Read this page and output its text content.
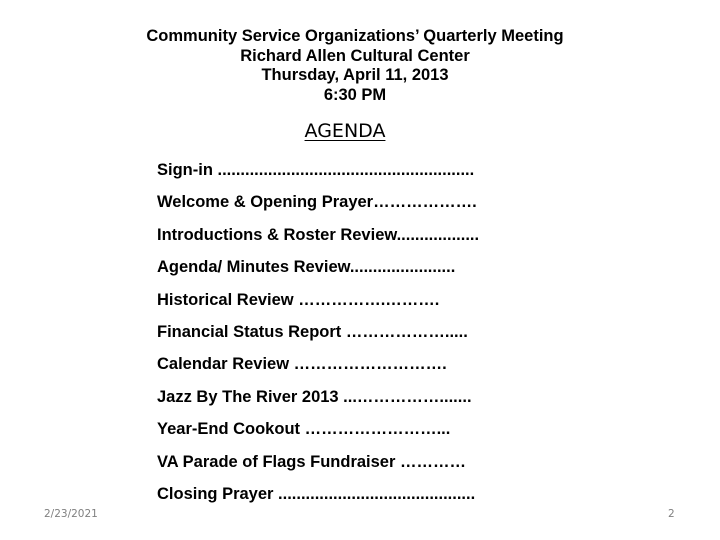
Community Service Organizations’ Quarterly Meeting
Richard Allen Cultural Center
Thursday, April 11, 2013
6:30 PM
AGENDA
Sign-in ........................................................
Welcome & Opening Prayer……………….
Introductions & Roster Review..................
Agenda/ Minutes Review.......................
Historical Review …………….……….
Financial Status Report ……………….....
Calendar Review ……………………….
Jazz By The River 2013 ...…………….......
Year-End Cookout ……………………...
VA Parade of Flags Fundraiser …………
Closing Prayer ...........................................
2/23/2021	2
